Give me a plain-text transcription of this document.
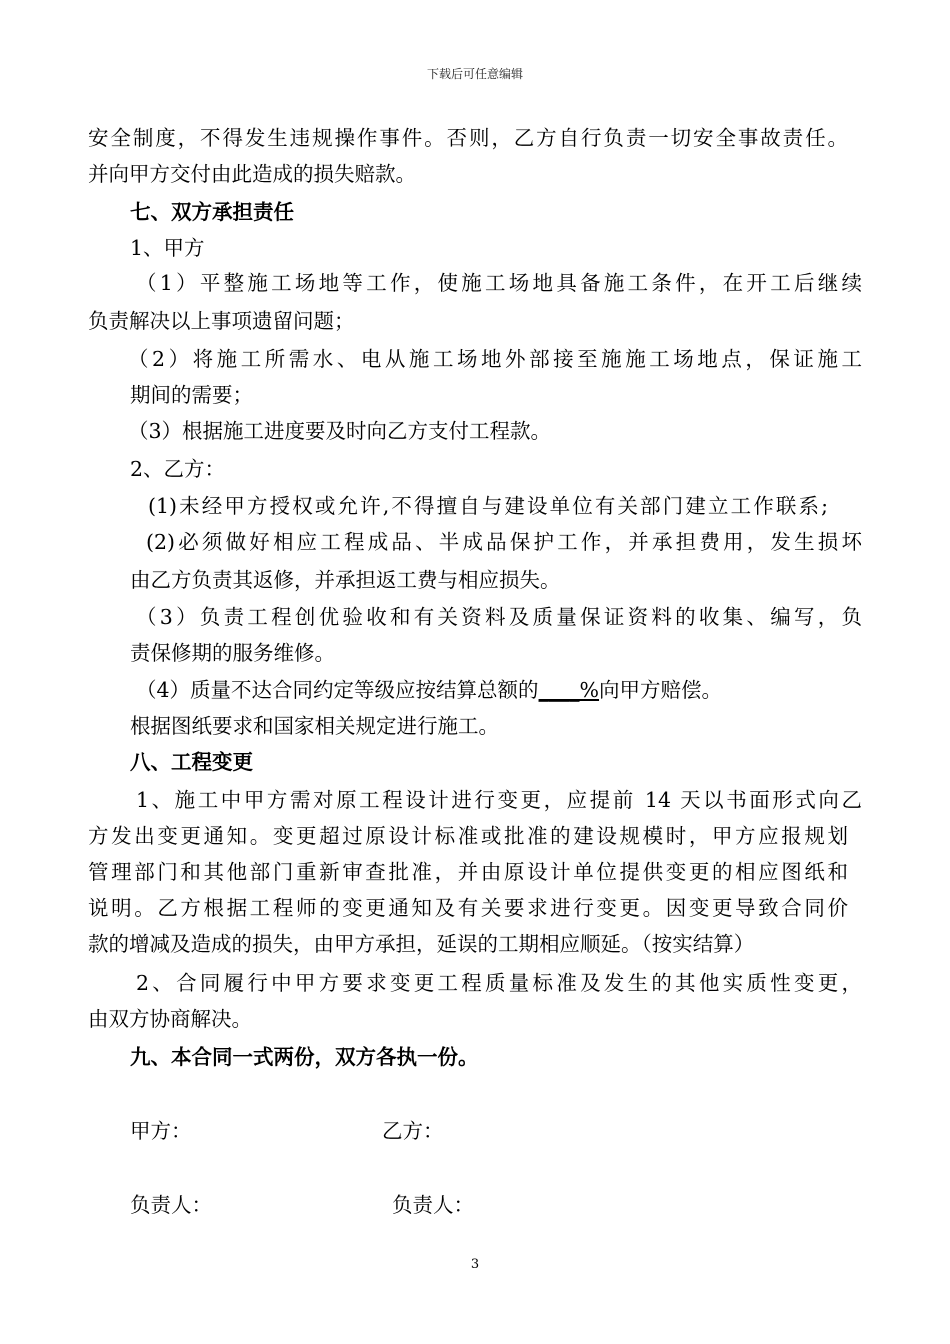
下载后可任意编辑
安全制度，不得发生违规操作事件。否则，乙方自行负责一切安全事故责任。
并向甲方交付由此造成的损失赔款。
七、双方承担责任
1、甲方
（1）平整施工场地等工作，使施工场地具备施工条件，在开工后继续
负责解决以上事项遗留问题；
（2）将施工所需水、电从施工场地外部接至施施工场地点，保证施工
期间的需要；
（3）根据施工进度要及时向乙方支付工程款。
2、乙方：
(1)未经甲方授权或允许,不得擅自与建设单位有关部门建立工作联系;
(2)必须做好相应工程成品、半成品保护工作，并承担费用，发生损坏
由乙方负责其返修，并承担返工费与相应损失。
（3）负责工程创优验收和有关资料及质量保证资料的收集、编写，负
责保修期的服务维修。
（4）质量不达合同约定等级应按结算总额的____%向甲方赔偿。
根据图纸要求和国家相关规定进行施工。
八、工程变更
1、施工中甲方需对原工程设计进行变更，应提前 14 天以书面形式向乙
方发出变更通知。变更超过原设计标准或批准的建设规模时，甲方应报规划
管理部门和其他部门重新审查批准，并由原设计单位提供变更的相应图纸和
说明。乙方根据工程师的变更通知及有关要求进行变更。因变更导致合同价
款的增减及造成的损失，由甲方承担，延误的工期相应顺延。（按实结算）
2、合同履行中甲方要求变更工程质量标准及发生的其他实质性变更，
由双方协商解决。
九、本合同一式两份，双方各执一份。
甲方：	乙方：
负责人：	负责人：
3
